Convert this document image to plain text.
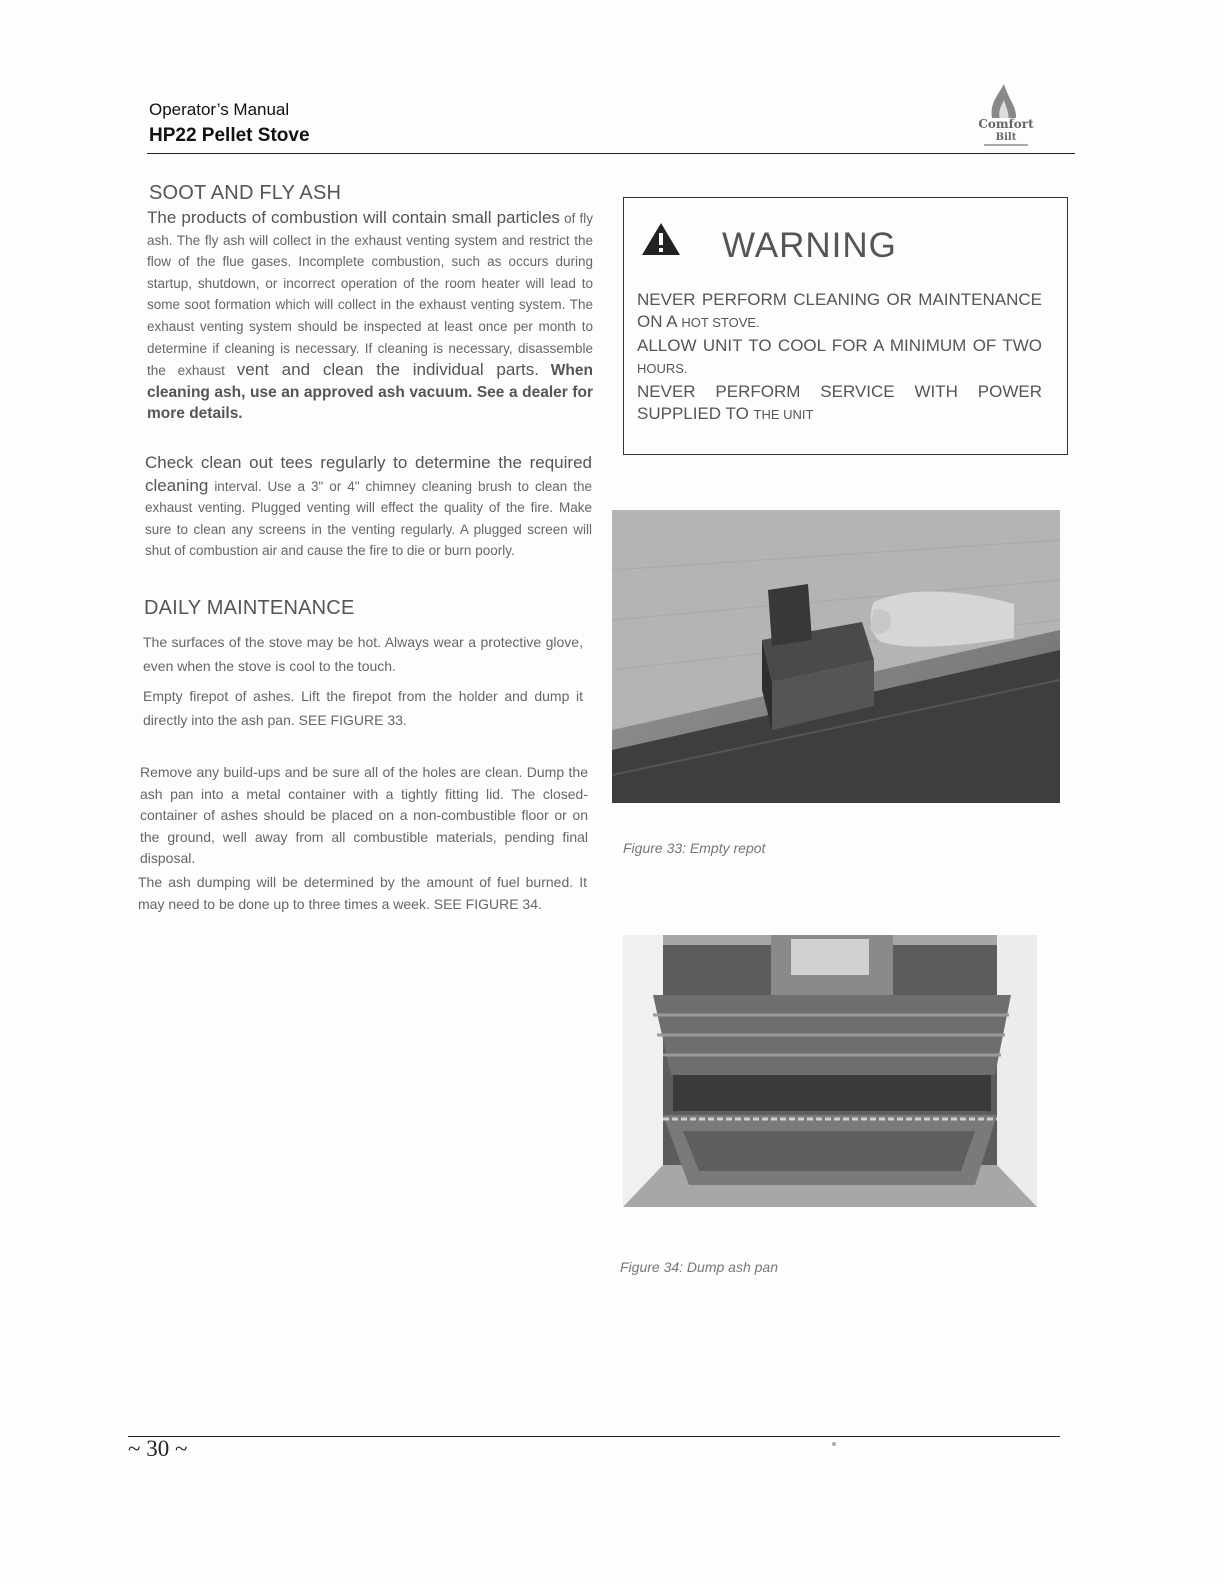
Operator’s Manual
HP22 Pellet Stove
Comfort
Bilt
SOOT AND FLY ASH
The products of combustion will contain small particles of fly ash. The fly ash will collect in the exhaust venting system and restrict the flow of the flue gases. Incomplete combustion, such as occurs during startup, shutdown, or incorrect operation of the room heater will lead to some soot formation which will collect in the exhaust venting system. The exhaust venting system should be inspected at least once per month to determine if cleaning is necessary. If cleaning is necessary, disassemble the exhaust vent and clean the individual parts. When cleaning ash, use an approved ash vacuum. See a dealer for more details.
Check clean out tees regularly to determine the required cleaning interval. Use a 3" or 4" chimney cleaning brush to clean the exhaust venting. Plugged venting will effect the quality of the fire. Make sure to clean any screens in the venting regularly. A plugged screen will shut of combustion air and cause the fire to die or burn poorly.
DAILY MAINTENANCE
The surfaces of the stove may be hot. Always wear a protective glove, even when the stove is cool to the touch.
Empty firepot of ashes. Lift the firepot from the holder and dump it directly into the ash pan. SEE FIGURE 33.
Remove any build-ups and be sure all of the holes are clean. Dump the ash pan into a metal container with a tightly fitting lid. The closed-container of ashes should be placed on a non-combustible floor or on the ground, well away from all combustible materials, pending final disposal.
The ash dumping will be determined by the amount of fuel burned. It may need to be done up to three times a week. SEE FIGURE 34.
WARNING
NEVER PERFORM CLEANING OR MAINTENANCE ON A HOT STOVE.
ALLOW UNIT TO COOL FOR A MINIMUM OF TWO HOURS.
NEVER PERFORM SERVICE WITH POWER SUPPLIED TO THE UNIT
Figure 33: Empty repot
Figure 34: Dump ash pan
~ 30 ~
